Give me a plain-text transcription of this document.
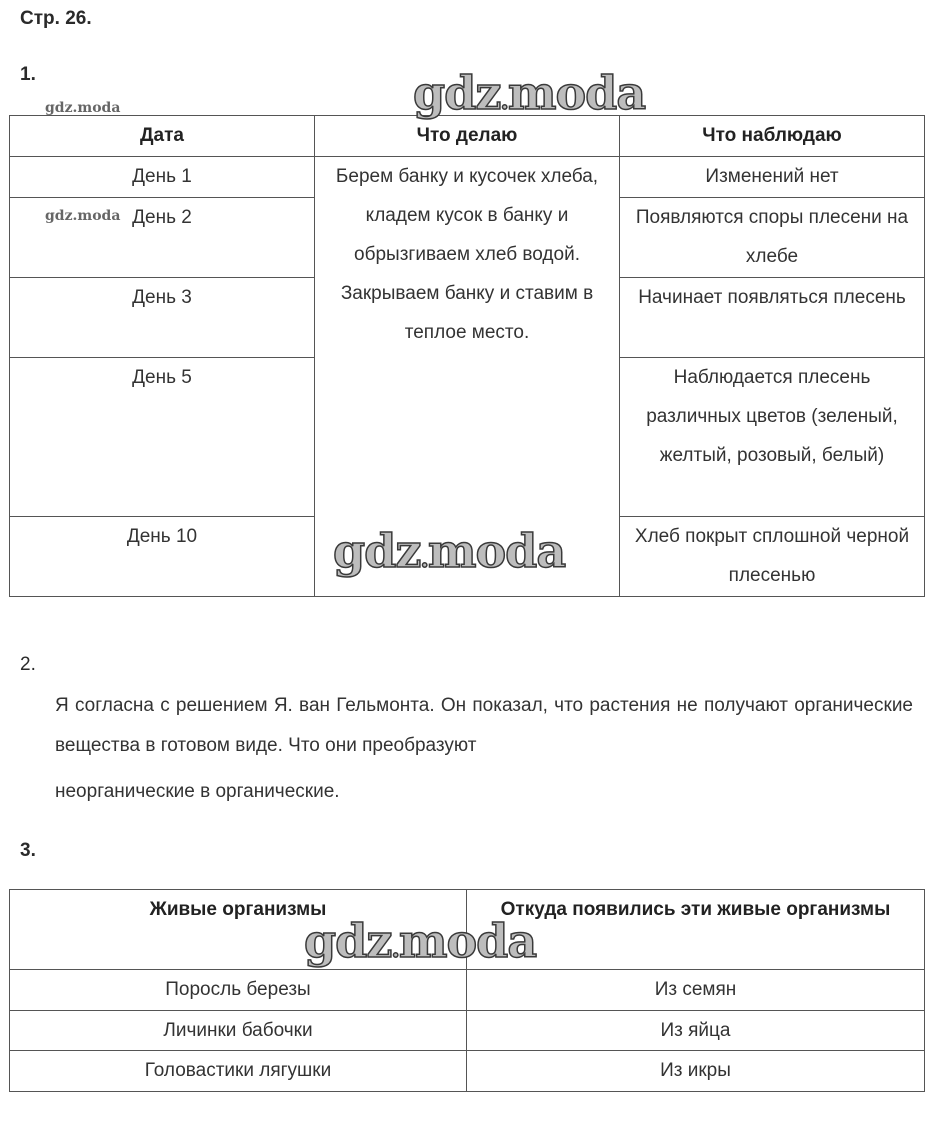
Стр. 26.
1.
Дата	Что делаю	Что наблюдаю
День 1	Берем банку и кусочек хлеба, кладем кусок в банку и обрызгиваем хлеб водой. Закрываем банку и ставим в теплое место.	Изменений нет
День 2		Появляются споры плесени на хлебе
День 3		Начинает появляться плесень
День 5		Наблюдается плесень различных цветов (зеленый, желтый, розовый, белый)
День 10		Хлеб покрыт сплошной черной плесенью
2.
Я согласна с решением Я. ван Гельмонта. Он показал, что растения не получают органические вещества в готовом виде. Что они преобразуют
неорганические в органические.
3.
Живые организмы	Откуда появились эти живые организмы
Поросль березы	Из семян
Личинки бабочки	Из яйца
Головастики лягушки	Из икры
gdz.moda
gdz.moda
gdz.moda
gdz.moda
gdz.moda
